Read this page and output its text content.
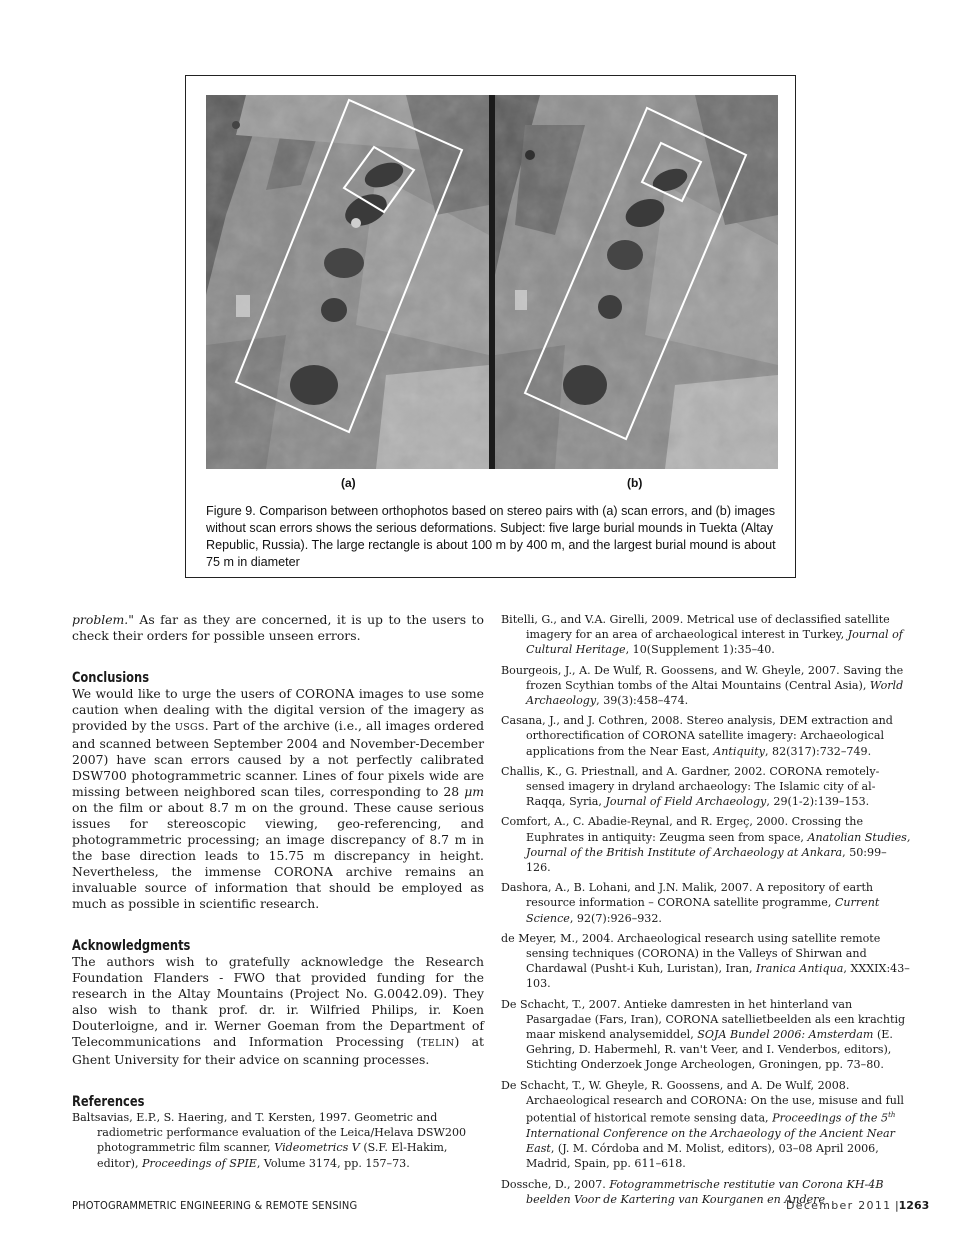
(a)	(b)
Figure 9. Comparison between orthophotos based on stereo pairs with (a) scan errors, and (b) images without scan errors shows the serious deformations. Subject: five large burial mounds in Tuekta (Altay Republic, Russia). The large rectangle is about 100 m by 400 m, and the largest burial mound is about 75 m in diameter

problem." As far as they are concerned, it is up to the users to check their orders for possible unseen errors.

Conclusions

We would like to urge the users of CORONA images to use some caution when dealing with the digital version of the imagery as provided by the USGS. Part of the archive (i.e., all images ordered and scanned between September 2004 and November-December 2007) have scan errors caused by a not perfectly calibrated DSW700 photogrammetric scanner. Lines of four pixels wide are missing between neighbored scan tiles, corresponding to 28 μm on the film or about 8.7 m on the ground. These cause serious issues for stereoscopic viewing, geo-referencing, and photogrammetric processing; an image discrepancy of 8.7 m in the base direction leads to 15.75 m discrepancy in height. Nevertheless, the immense CORONA archive remains an invaluable source of information that should be employed as much as possible in scientific research.

Acknowledgments

The authors wish to gratefully acknowledge the Research Foundation Flanders - FWO that provided funding for the research in the Altay Mountains (Project No. G.0042.09). They also wish to thank prof. dr. ir. Wilfried Philips, ir. Koen Douterloigne, and ir. Werner Goeman from the Department of Telecommunications and Information Processing (TELIN) at Ghent University for their advice on scanning processes.

References

Baltsavias, E.P., S. Haering, and T. Kersten, 1997. Geometric and radiometric performance evaluation of the Leica/Helava DSW200 photogrammetric film scanner, Videometrics V (S.F. El-Hakim, editor), Proceedings of SPIE, Volume 3174, pp. 157–73.

Bitelli, G., and V.A. Girelli, 2009. Metrical use of declassified satellite imagery for an area of archaeological interest in Turkey, Journal of Cultural Heritage, 10(Supplement 1):35–40.

Bourgeois, J., A. De Wulf, R. Goossens, and W. Gheyle, 2007. Saving the frozen Scythian tombs of the Altai Mountains (Central Asia), World Archaeology, 39(3):458–474.

Casana, J., and J. Cothren, 2008. Stereo analysis, DEM extraction and orthorectification of CORONA satellite imagery: Archaeological applications from the Near East, Antiquity, 82(317):732–749.

Challis, K., G. Priestnall, and A. Gardner, 2002. CORONA remotely-sensed imagery in dryland archaeology: The Islamic city of al-Raqqa, Syria, Journal of Field Archaeology, 29(1-2):139–153.

Comfort, A., C. Abadie-Reynal, and R. Ergeç, 2000. Crossing the Euphrates in antiquity: Zeugma seen from space, Anatolian Studies, Journal of the British Institute of Archaeology at Ankara, 50:99–126.

Dashora, A., B. Lohani, and J.N. Malik, 2007. A repository of earth resource information – CORONA satellite programme, Current Science, 92(7):926–932.

de Meyer, M., 2004. Archaeological research using satellite remote sensing techniques (CORONA) in the Valleys of Shirwan and Chardawal (Pusht-i Kuh, Luristan), Iran, Iranica Antiqua, XXXIX:43–103.

De Schacht, T., 2007. Antieke damresten in het hinterland van Pasargadae (Fars, Iran), CORONA satellietbeelden als een krachtig maar miskend analysemiddel, SOJA Bundel 2006: Amsterdam (E. Gehring, D. Habermehl, R. van't Veer, and I. Venderbos, editors), Stichting Onderzoek Jonge Archeologen, Groningen, pp. 73–80.

De Schacht, T., W. Gheyle, R. Goossens, and A. De Wulf, 2008. Archaeological research and CORONA: On the use, misuse and full potential of historical remote sensing data, Proceedings of the 5th International Conference on the Archaeology of the Ancient Near East, (J. M. Córdoba and M. Molist, editors), 03–08 April 2006, Madrid, Spain, pp. 611–618.

Dossche, D., 2007. Fotogrammetrische restitutie van Corona KH-4B beelden Voor de Kartering van Kourganen en Andere

PHOTOGRAMMETRIC ENGINEERING & REMOTE SENSING	December 2011 |1263
